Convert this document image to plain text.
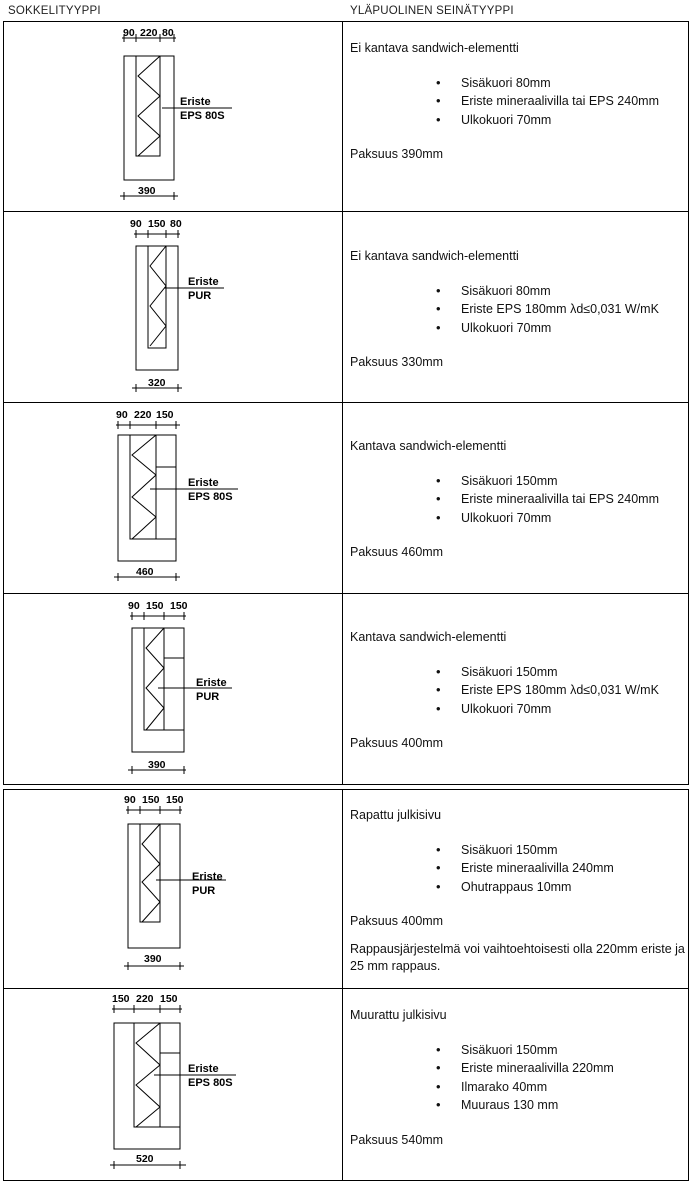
SOKKELITYYPPI	YLÄPUOLINEN SEINÄTYYPPI
90 220 80
390
Eriste
EPS 80S
Ei kantava sandwich-elementti
• Sisäkuori 80mm
• Eriste mineraalivilla tai EPS 240mm
• Ulkokuori 70mm
Paksuus 390mm
90 150 80
320
Eriste
PUR
Ei kantava sandwich-elementti
• Sisäkuori 80mm
• Eriste EPS 180mm λd≤0,031 W/mK
• Ulkokuori 70mm
Paksuus 330mm
90 220 150
460
Eriste
EPS 80S
Kantava sandwich-elementti
• Sisäkuori 150mm
• Eriste mineraalivilla tai EPS 240mm
• Ulkokuori 70mm
Paksuus 460mm
90 150 150
390
Eriste
PUR
Kantava sandwich-elementti
• Sisäkuori 150mm
• Eriste EPS 180mm λd≤0,031 W/mK
• Ulkokuori 70mm
Paksuus 400mm
90 150 150
390
Eriste
PUR
Rapattu julkisivu
• Sisäkuori 150mm
• Eriste mineraalivilla 240mm
• Ohutrappaus 10mm
Paksuus 400mm
Rappausjärjestelmä voi vaihtoehtoisesti olla 220mm eriste ja 25 mm rappaus.
150 220 150
520
Eriste
EPS 80S
Muurattu julkisivu
• Sisäkuori 150mm
• Eriste mineraalivilla 220mm
• Ilmarako 40mm
• Muuraus 130 mm
Paksuus 540mm
